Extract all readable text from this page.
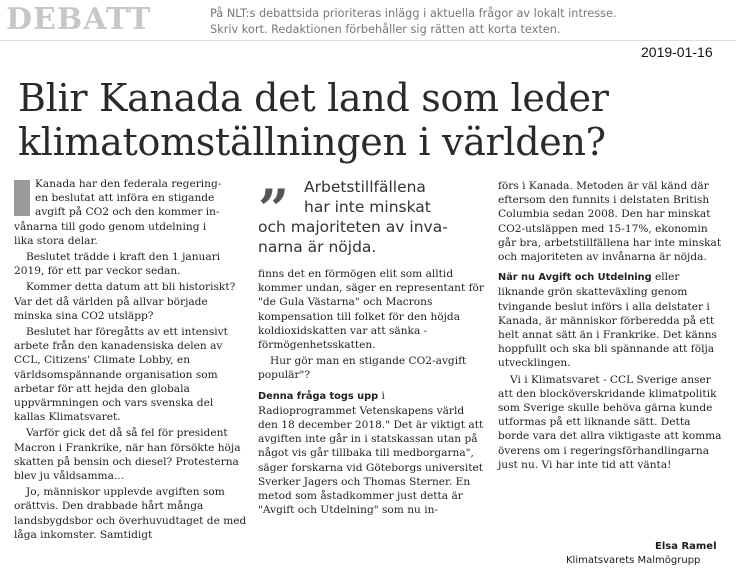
DEBATT	På NLT:s debattsida prioriteras inlägg i aktuella frågor av lokalt intresse.
Skriv kort. Redaktionen förbehåller sig rätten att korta texten.
2019-01-16
Blir Kanada det land som leder
klimatomställningen i världen?

Kanada har den federala regering-
en beslutat att införa en stigande
avgift på CO2 och den kommer in-
vånarna till godo genom utdelning i
lika stora delar.

Beslutet trädde i kraft den 1 januari 2019, för ett par veckor sedan.

Kommer detta datum att bli historiskt? Var det då världen på allvar började minska sina CO2 utsläpp?

Beslutet har föregåtts av ett intensivt arbete från den kanadensiska delen av CCL, Citizens' Climate Lobby, en världsomspännande organisation som arbetar för att hejda den globala uppvärmningen och vars svenska del kallas Klimatsvaret.

Varför gick det då så fel för president Macron i Frankrike, när han försökte höja skatten på bensin och diesel? Protesterna blev ju våldsamma...

Jo, människor upplevde avgiften som orättvis. Den drabbade hårt många landsbygdsbor och överhuvudtaget de med låga inkomster. Samtidigt

” Arbetstillfällena
har inte minskat
och majoriteten av inva-
narna är nöjda.

finns det en förmögen elit som alltid kommer undan, säger en representant för "de Gula Västarna" och Macrons kompensation till folket för den höjda koldioxidskatten var att sänka - förmögenhetsskatten.

Hur gör man en stigande CO2-avgift populär"?

Denna fråga togs upp i Radioprogrammet Vetenskapens värld den 18 december 2018." Det är viktigt att avgiften inte går in i statskassan utan på något vis går tillbaka till medborgarna", säger forskarna vid Göteborgs universitet Sverker Jagers och Thomas Sterner. En metod som åstadkommer just detta är "Avgift och Utdelning" som nu in-

förs i Kanada. Metoden är väl känd där eftersom den funnits i delstaten British Columbia sedan 2008. Den har minskat CO2-utsläppen med 15-17%, ekonomin går bra, arbetstillfällena har inte minskat och majoriteten av invånarna är nöjda.

När nu Avgift och Utdelning eller liknande grön skatteväxling genom tvingande beslut införs i alla delstater i Kanada, är människor förberedda på ett helt annat sätt än i Frankrike. Det känns hoppfullt och ska bli spännande att följa utvecklingen.

Vi i Klimatsvaret - CCL Sverige anser att den blocköverskridande klimatpolitik som Sverige skulle behöva gärna kunde utformas på ett liknande sätt. Detta borde vara det allra viktigaste att komma överens om i regeringsförhandlingarna just nu. Vi har inte tid att vänta!

Elsa Ramel
Klimatsvarets Malmögrupp
